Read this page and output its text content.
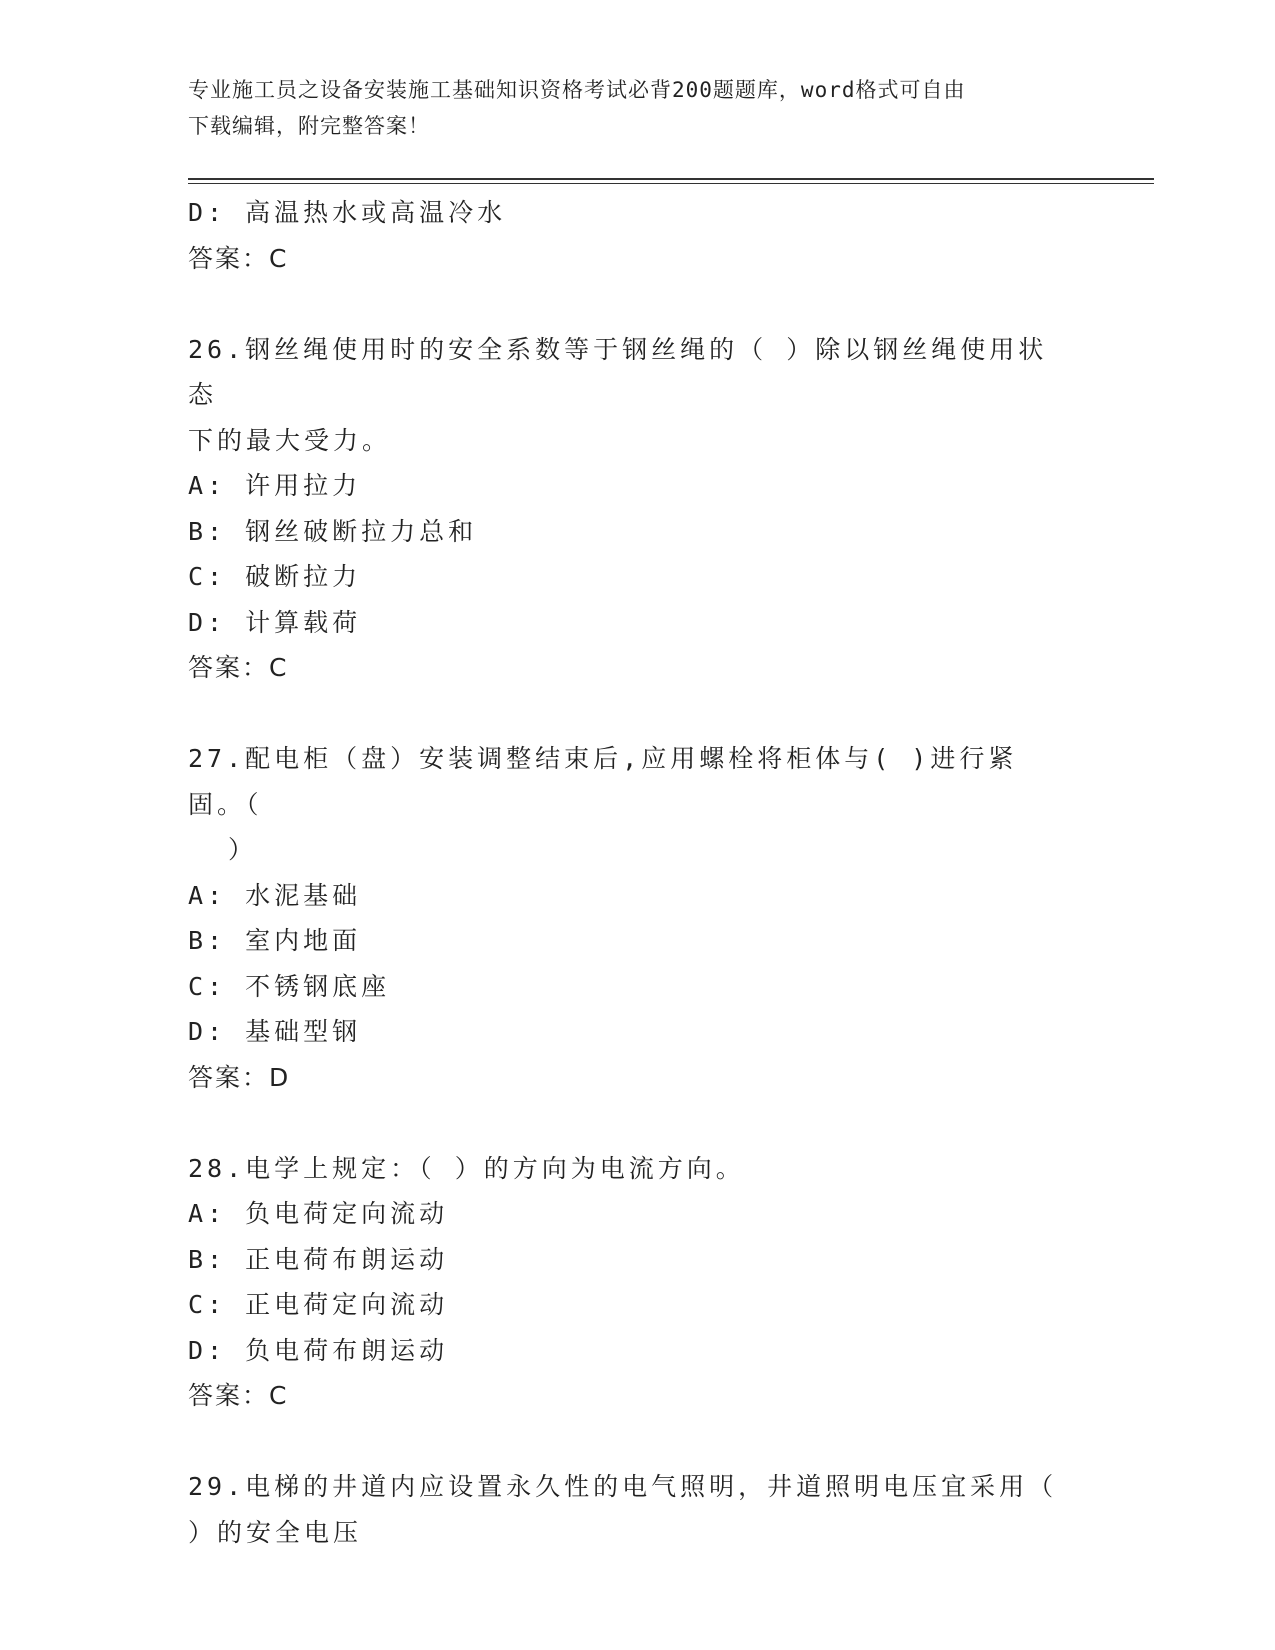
专业施工员之设备安装施工基础知识资格考试必背200题题库，word格式可自由
下载编辑，附完整答案！
D: 高温热水或高温冷水
答案：C
26.钢丝绳使用时的安全系数等于钢丝绳的（ ）除以钢丝绳使用状态
下的最大受力。
A: 许用拉力
B: 钢丝破断拉力总和
C: 破断拉力
D: 计算载荷
答案：C
27.配电柜（盘）安装调整结束后,应用螺栓将柜体与( )进行紧固。（
）
A: 水泥基础
B: 室内地面
C: 不锈钢底座
D: 基础型钢
答案：D
28.电学上规定：（ ）的方向为电流方向。
A: 负电荷定向流动
B: 正电荷布朗运动
C: 正电荷定向流动
D: 负电荷布朗运动
答案：C
29.电梯的井道内应设置永久性的电气照明，井道照明电压宜采用（
）的安全电压
